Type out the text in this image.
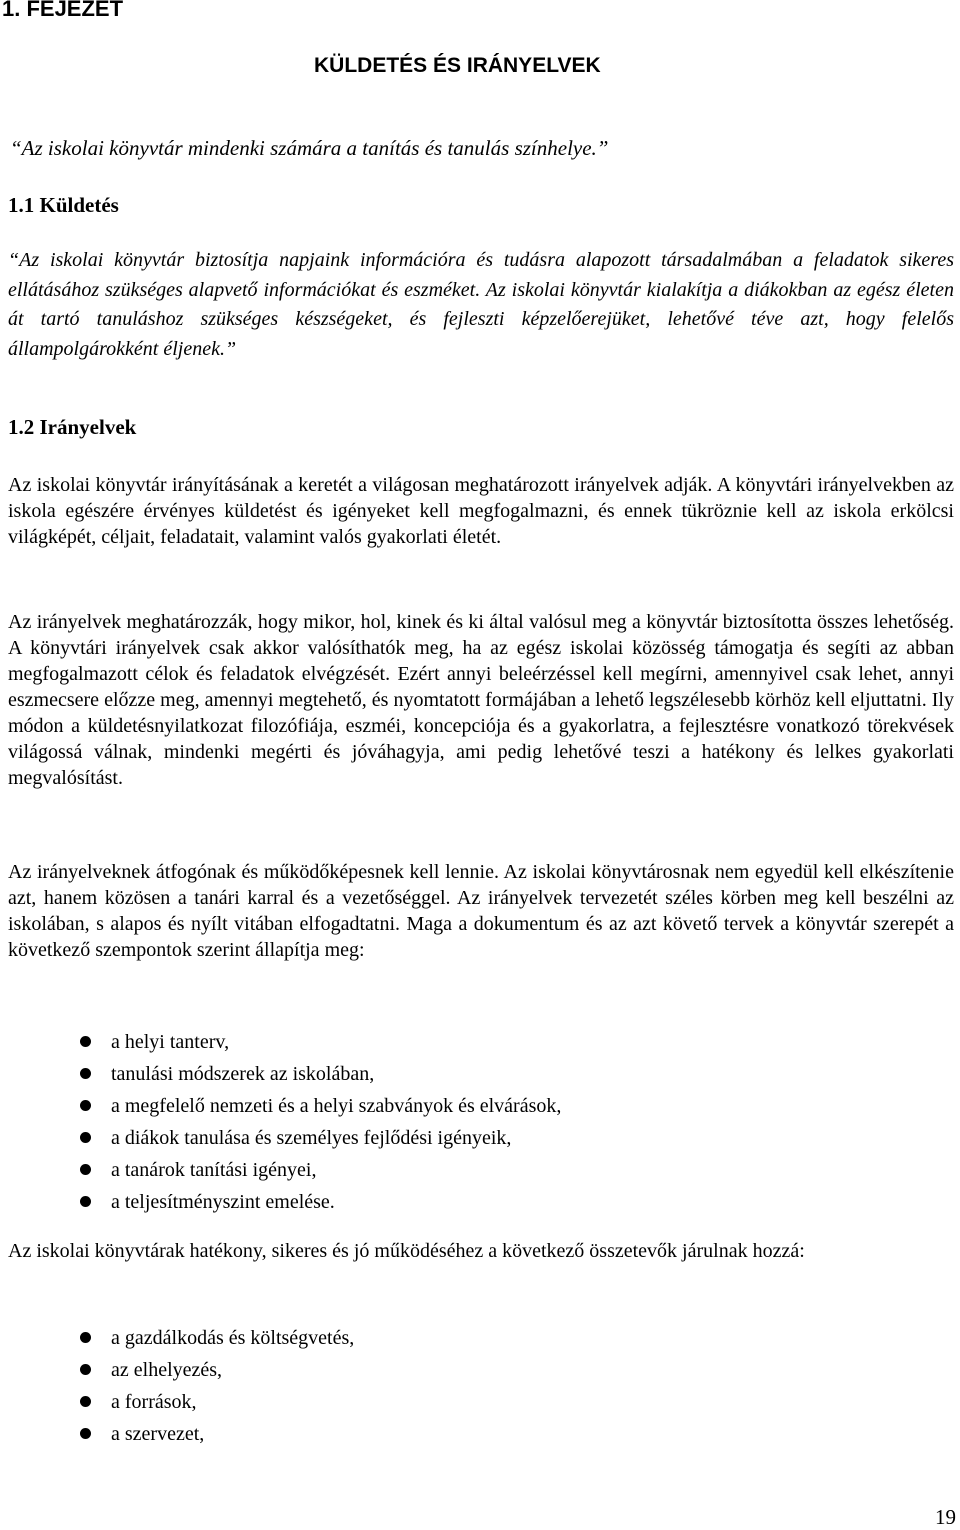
1. FEJEZET

KÜLDETÉS ÉS IRÁNYELVEK

“Az iskolai könyvtár mindenki számára a tanítás és tanulás színhelye.”

1.1 Küldetés

“Az iskolai könyvtár biztosítja napjaink információra és tudásra alapozott társadalmában a feladatok sikeres ellátásához szükséges alapvető információkat és eszméket. Az iskolai könyvtár kialakítja a diákokban az egész életen át tartó tanuláshoz szükséges készségeket, és fejleszti képzelőerejüket, lehetővé téve azt, hogy felelős állampolgárokként éljenek.”

1.2 Irányelvek

Az iskolai könyvtár irányításának a keretét a világosan meghatározott irányelvek adják. A könyvtári irányelvekben az iskola egészére érvényes küldetést és igényeket kell megfogalmazni, és ennek tükröznie kell az iskola erkölcsi világképét, céljait, feladatait, valamint valós gyakorlati életét.

Az irányelvek meghatározzák, hogy mikor, hol, kinek és ki által valósul meg a könyvtár biztosította összes lehetőség. A könyvtári irányelvek csak akkor valósíthatók meg, ha az egész iskolai közösség támogatja és segíti az abban megfogalmazott célok és feladatok elvégzését. Ezért annyi beleérzéssel kell megírni, amennyivel csak lehet, annyi eszmecsere előzze meg, amennyi megtehető, és nyomtatott formájában a lehető legszélesebb körhöz kell eljuttatni. Ily módon a küldetésnyilatkozat filozófiája, eszméi, koncepciója és a gyakorlatra, a fejlesztésre vonatkozó törekvések világossá válnak, mindenki megérti és jóváhagyja, ami pedig lehetővé teszi a hatékony és lelkes gyakorlati megvalósítást.

Az irányelveknek átfogónak és működőképesnek kell lennie. Az iskolai könyvtárosnak nem egyedül kell elkészítenie azt, hanem közösen a tanári karral és a vezetőséggel. Az irányelvek tervezetét széles körben meg kell beszélni az iskolában, s alapos és nyílt vitában elfogadtatni. Maga a dokumentum és az azt követő tervek a könyvtár szerepét a következő szempontok szerint állapítja meg:

a helyi tanterv,
tanulási módszerek az iskolában,
a megfelelő nemzeti és a helyi szabványok és elvárások,
a diákok tanulása és személyes fejlődési igényeik,
a tanárok tanítási igényei,
a teljesítményszint emelése.

Az iskolai könyvtárak hatékony, sikeres és jó működéséhez a következő összetevők járulnak hozzá:

a gazdálkodás és költségvetés,
az elhelyezés,
a források,
a szervezet,
19
